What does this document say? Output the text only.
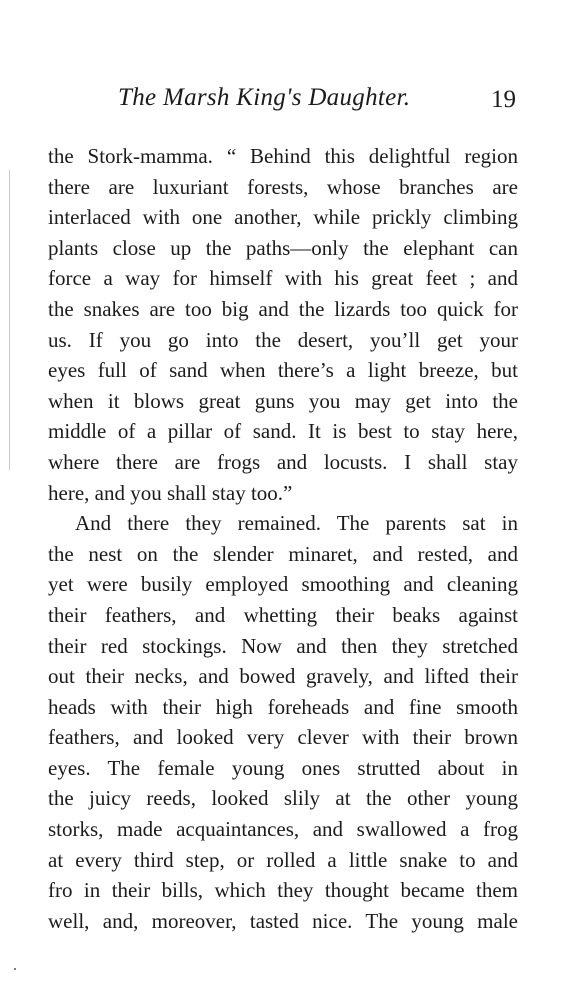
The Marsh King's Daughter.	19
the Stork-mamma. “ Behind this delightful region
there are luxuriant forests, whose branches are
interlaced with one another, while prickly climbing
plants close up the paths—only the elephant can
force a way for himself with his great feet ; and
the snakes are too big and the lizards too quick for
us. If you go into the desert, you’ll get your
eyes full of sand when there’s a light breeze, but
when it blows great guns you may get into the
middle of a pillar of sand. It is best to stay here,
where there are frogs and locusts. I shall stay
here, and you shall stay too.”
And there they remained. The parents sat in
the nest on the slender minaret, and rested, and
yet were busily employed smoothing and cleaning
their feathers, and whetting their beaks against
their red stockings. Now and then they stretched
out their necks, and bowed gravely, and lifted their
heads with their high foreheads and fine smooth
feathers, and looked very clever with their brown
eyes. The female young ones strutted about in
the juicy reeds, looked slily at the other young
storks, made acquaintances, and swallowed a frog
at every third step, or rolled a little snake to and
fro in their bills, which they thought became them
well, and, moreover, tasted nice. The young male
